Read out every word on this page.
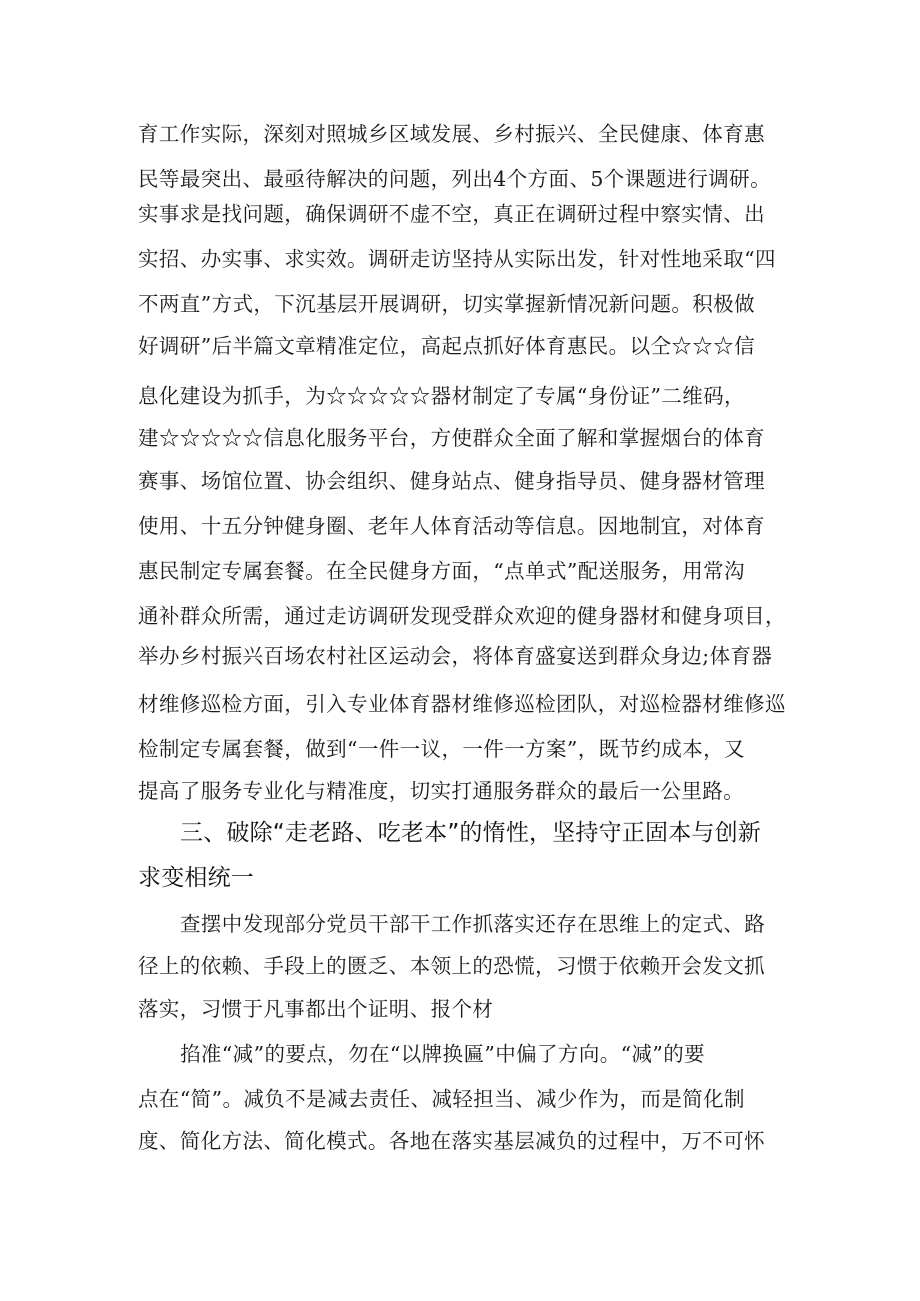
育工作实际，深刻对照城乡区域发展、乡村振兴、全民健康、体育惠
民等最突出、最亟待解决的问题，列出4个方面、5个课题进行调研。
实事求是找问题，确保调研不虚不空，真正在调研过程中察实情、出
实招、办实事、求实效。调研走访坚持从实际出发，针对性地采取“四
不两直”方式，下沉基层开展调研，切实掌握新情况新问题。积极做
好调研”后半篇文章精准定位，高起点抓好体育惠民。以仝☆☆☆信
息化建设为抓手，为☆☆☆☆☆器材制定了专属“身份证”二维码，
建☆☆☆☆☆信息化服务平台，方使群众全面了解和掌握烟台的体育
赛事、场馆位置、协会组织、健身站点、健身指导员、健身器材管理
使用、十五分钟健身圈、老年人体育活动等信息。因地制宜，对体育
惠民制定专属套餐。在全民健身方面，“点单式”配送服务，用常沟
通补群众所需，通过走访调研发现受群众欢迎的健身器材和健身项目，
举办乡村振兴百场农村社区运动会，将体育盛宴送到群众身边;体育器
材维修巡检方面，引入专业体育器材维修巡检团队，对巡检器材维修巡
检制定专属套餐，做到“一件一议，一件一方案”，既节约成本，又
提高了服务专业化与精准度，切实打通服务群众的最后一公里路。
三、破除“走老路、吃老本”的惰性，坚持守正固本与创新
求变相统一
查摆中发现部分党员干部干工作抓落实还存在思维上的定式、路
径上的依赖、手段上的匮乏、本领上的恐慌，习惯于依赖开会发文抓
落实，习惯于凡事都出个证明、报个材
掐准“减”的要点，勿在“以牌换匾”中偏了方向。“减”的要
点在“简”。减负不是减去责任、减轻担当、减少作为，而是简化制
度、简化方法、简化模式。各地在落实基层减负的过程中，万不可怀
